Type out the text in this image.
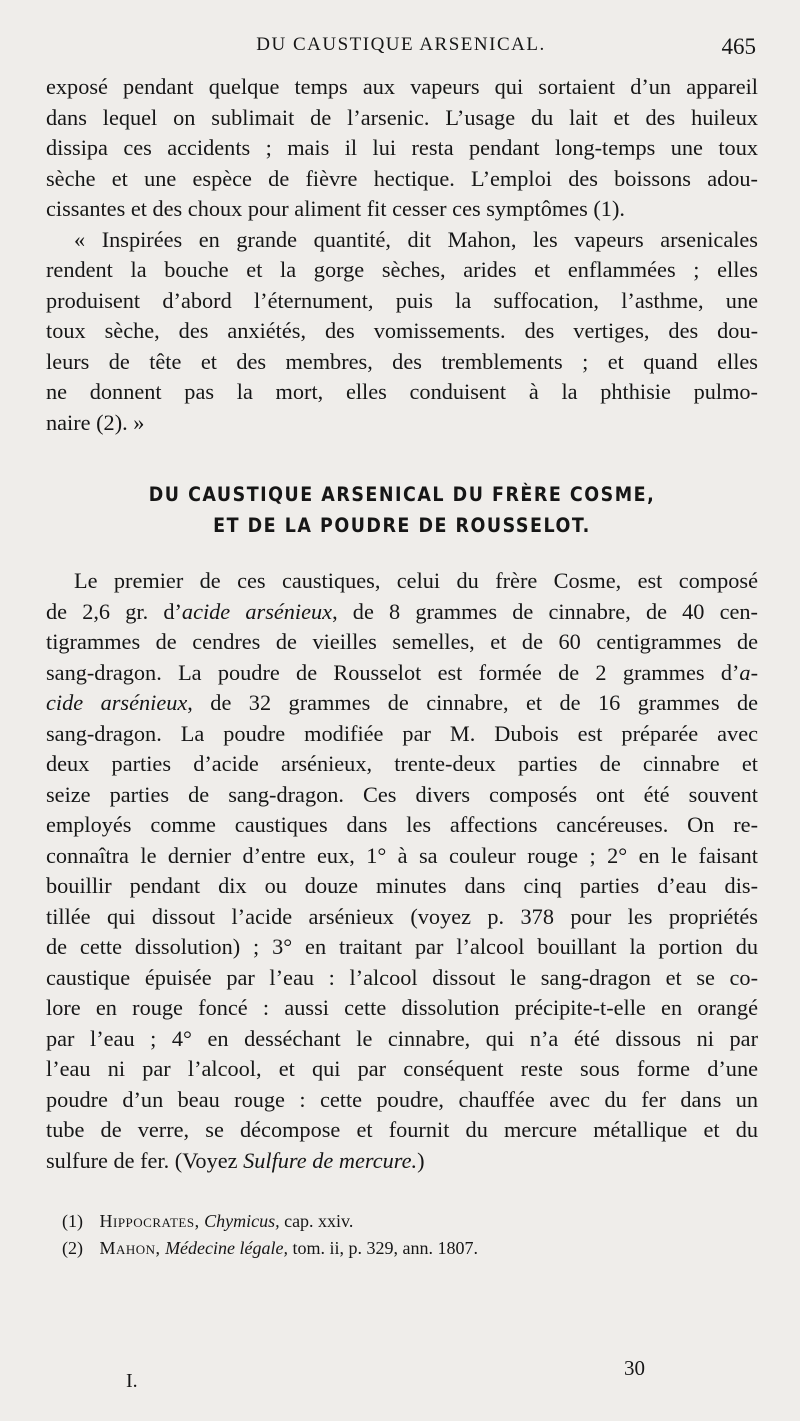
DU CAUSTIQUE ARSENICAL.	465
exposé pendant quelque temps aux vapeurs qui sortaient d’un appareil
dans lequel on sublimait de l’arsenic. L’usage du lait et des huileux
dissipa ces accidents ; mais il lui resta pendant long-temps une toux
sèche et une espèce de fièvre hectique. L’emploi des boissons adou-
cissantes et des choux pour aliment fit cesser ces symptômes (1).
« Inspirées en grande quantité, dit Mahon, les vapeurs arsenicales
rendent la bouche et la gorge sèches, arides et enflammées ; elles
produisent d’abord l’éternument, puis la suffocation, l’asthme, une
toux sèche, des anxiétés, des vomissements. des vertiges, des dou-
leurs de tête et des membres, des tremblements ; et quand elles
ne donnent pas la mort, elles conduisent à la phthisie pulmo-
naire (2). »
DU CAUSTIQUE ARSENICAL DU FRÈRE COSME,
ET DE LA POUDRE DE ROUSSELOT.
Le premier de ces caustiques, celui du frère Cosme, est composé
de 2,6 gr. d’acide arsénieux, de 8 grammes de cinnabre, de 40 cen-
tigrammes de cendres de vieilles semelles, et de 60 centigrammes de
sang-dragon. La poudre de Rousselot est formée de 2 grammes d’a-
cide arsénieux, de 32 grammes de cinnabre, et de 16 grammes de
sang-dragon. La poudre modifiée par M. Dubois est préparée avec
deux parties d’acide arsénieux, trente-deux parties de cinnabre et
seize parties de sang-dragon. Ces divers composés ont été souvent
employés comme caustiques dans les affections cancéreuses. On re-
connaîtra le dernier d’entre eux, 1° à sa couleur rouge ; 2° en le faisant
bouillir pendant dix ou douze minutes dans cinq parties d’eau dis-
tillée qui dissout l’acide arsénieux (voyez p. 378 pour les propriétés
de cette dissolution) ; 3° en traitant par l’alcool bouillant la portion du
caustique épuisée par l’eau : l’alcool dissout le sang-dragon et se co-
lore en rouge foncé : aussi cette dissolution précipite-t-elle en orangé
par l’eau ; 4° en desséchant le cinnabre, qui n’a été dissous ni par
l’eau ni par l’alcool, et qui par conséquent reste sous forme d’une
poudre d’un beau rouge : cette poudre, chauffée avec du fer dans un
tube de verre, se décompose et fournit du mercure métallique et du
sulfure de fer. (Voyez Sulfure de mercure.)
(1) Hippocrates, Chymicus, cap. xxiv.
(2) Mahon, Médecine légale, tom. ii, p. 329, ann. 1807.
I.
30
